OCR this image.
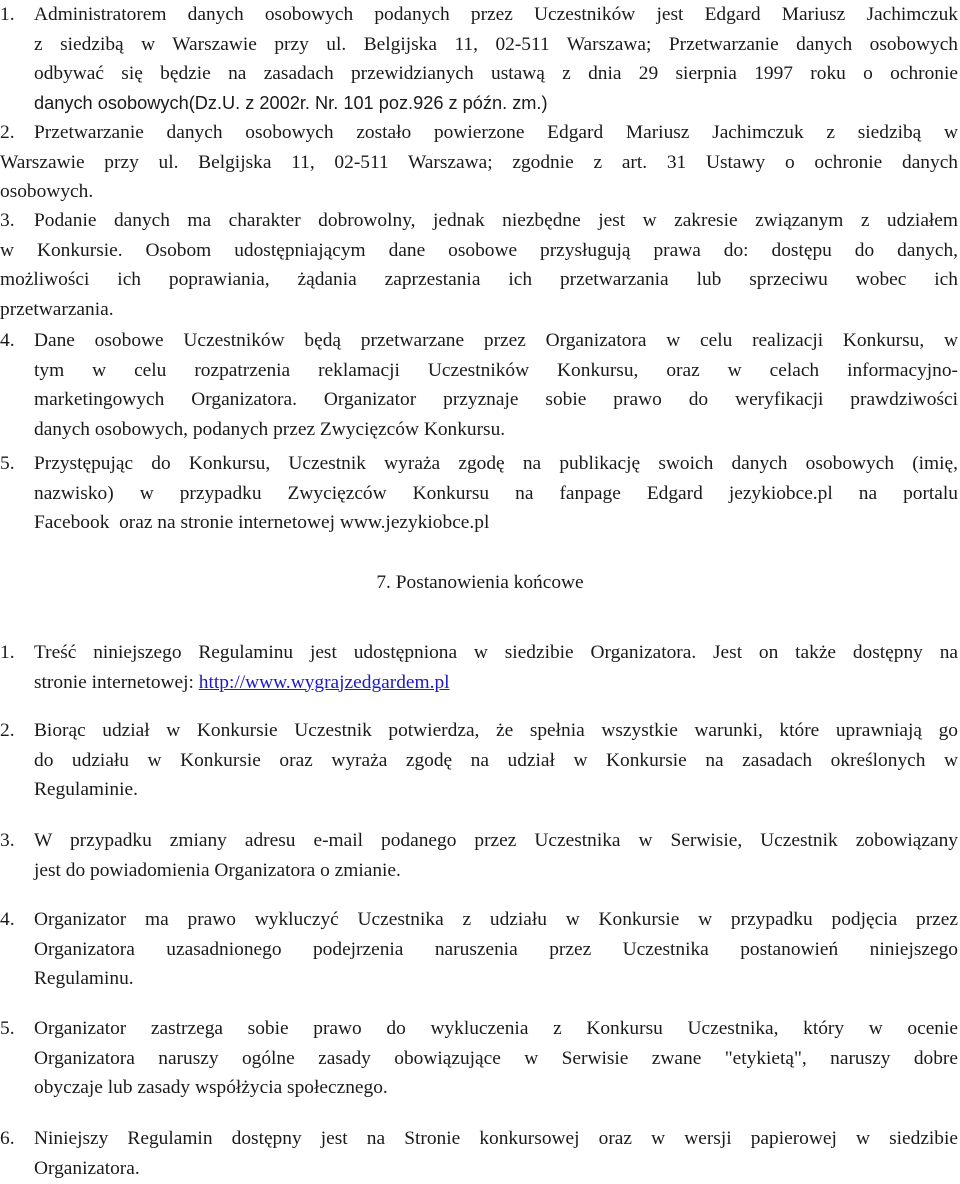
1.	Administratorem danych osobowych podanych przez Uczestników jest Edgard Mariusz Jachimczuk
z siedzibą w Warszawie przy ul. Belgijska 11, 02-511 Warszawa; Przetwarzanie danych osobowych
odbywać się będzie na zasadach przewidzianych ustawą z dnia 29 sierpnia 1997 roku o ochronie
danych osobowych(Dz.U. z 2002r. Nr. 101 poz.926 z późn. zm.)
2.	Przetwarzanie danych osobowych zostało powierzone Edgard Mariusz Jachimczuk z siedzibą w
Warszawie przy ul. Belgijska 11, 02-511 Warszawa; zgodnie z art. 31 Ustawy o ochronie danych
osobowych.
3.	Podanie danych ma charakter dobrowolny, jednak niezbędne jest w zakresie związanym z udziałem
w Konkursie. Osobom udostępniającym dane osobowe przysługują prawa do: dostępu do danych,
możliwości ich poprawiania, żądania zaprzestania ich przetwarzania lub sprzeciwu wobec ich
przetwarzania.
4.	Dane osobowe Uczestników będą przetwarzane przez Organizatora w celu realizacji Konkursu, w
tym w celu rozpatrzenia reklamacji Uczestników Konkursu, oraz w celach informacyjno-
marketingowych Organizatora. Organizator przyznaje sobie prawo do weryfikacji prawdziwości
danych osobowych, podanych przez Zwycięzców Konkursu.
5.	Przystępując do Konkursu, Uczestnik wyraża zgodę na publikację swoich danych osobowych (imię,
nazwisko) w przypadku Zwycięzców Konkursu na fanpage Edgard jezykiobce.pl na portalu
Facebook  oraz na stronie internetowej www.jezykiobce.pl
7. Postanowienia końcowe
1.	Treść niniejszego Regulaminu jest udostępniona w siedzibie Organizatora. Jest on także dostępny na
stronie internetowej: http://www.wygrajzedgardem.pl
2.	Biorąc udział w Konkursie Uczestnik potwierdza, że spełnia wszystkie warunki, które uprawniają go
do udziału w Konkursie oraz wyraża zgodę na udział w Konkursie na zasadach określonych w
Regulaminie.
3.	W przypadku zmiany adresu e-mail podanego przez Uczestnika w Serwisie, Uczestnik zobowiązany
jest do powiadomienia Organizatora o zmianie.
4.	Organizator ma prawo wykluczyć Uczestnika z udziału w Konkursie w przypadku podjęcia przez
Organizatora uzasadnionego podejrzenia naruszenia przez Uczestnika postanowień niniejszego
Regulaminu.
5.	Organizator zastrzega sobie prawo do wykluczenia z Konkursu Uczestnika, który w ocenie
Organizatora naruszy ogólne zasady obowiązujące w Serwisie zwane "etykietą", naruszy dobre
obyczaje lub zasady współżycia społecznego.
6.	Niniejszy Regulamin dostępny jest na Stronie konkursowej oraz w wersji papierowej w siedzibie
Organizatora.
